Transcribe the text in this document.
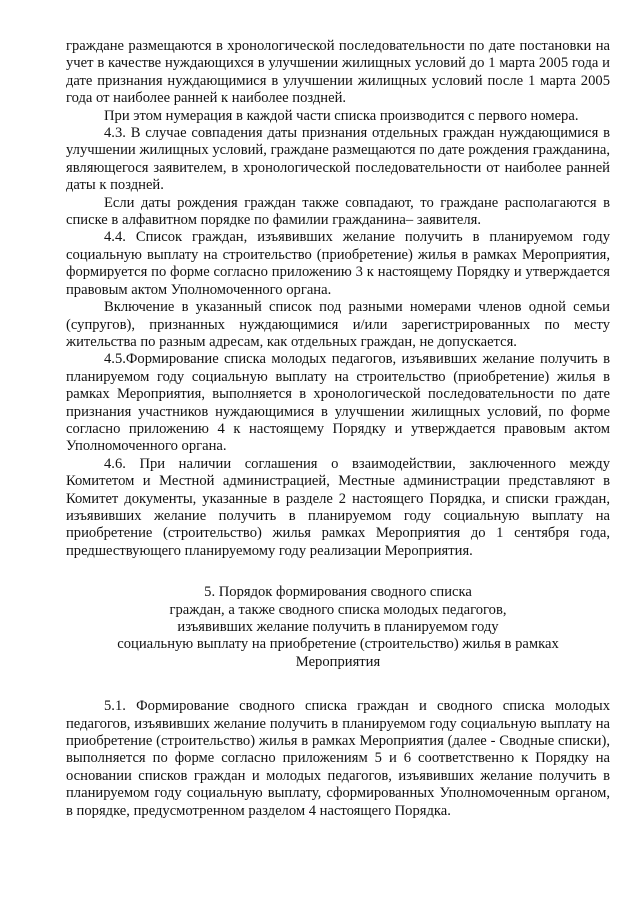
граждане размещаются в хронологической последовательности по дате постановки на учет в качестве нуждающихся в улучшении жилищных условий до 1 марта 2005 года и дате признания нуждающимися в улучшении жилищных условий после 1 марта 2005 года от наиболее ранней к наиболее поздней.

При этом нумерация в каждой части списка производится с первого номера.

4.3. В случае совпадения даты признания отдельных граждан нуждающимися в улучшении жилищных условий, граждане размещаются по дате рождения гражданина, являющегося заявителем, в хронологической последовательности от наиболее ранней даты к поздней.

Если даты рождения граждан также совпадают, то граждане располагаются в списке в алфавитном порядке по фамилии гражданина– заявителя.

4.4. Список граждан, изъявивших желание получить в планируемом году социальную выплату на строительство (приобретение) жилья в рамках Мероприятия, формируется по форме согласно приложению 3 к настоящему Порядку и утверждается правовым актом Уполномоченного органа.

Включение в указанный список под разными номерами членов одной семьи (супругов), признанных нуждающимися и/или зарегистрированных по месту жительства по разным адресам, как отдельных граждан, не допускается.

4.5.Формирование списка молодых педагогов, изъявивших желание получить в планируемом году социальную выплату на строительство (приобретение) жилья в рамках Мероприятия, выполняется в хронологической последовательности по дате признания участников нуждающимися в улучшении жилищных условий, по форме согласно приложению 4 к настоящему Порядку и утверждается правовым актом Уполномоченного органа.

4.6. При наличии соглашения о взаимодействии, заключенного между Комитетом и Местной администрацией, Местные администрации представляют в Комитет документы, указанные в разделе 2 настоящего Порядка, и списки граждан, изъявивших желание получить в планируемом году социальную выплату на приобретение (строительство) жилья рамках Мероприятия до 1 сентября года, предшествующего планируемому году реализации Мероприятия.

5. Порядок формирования сводного списка
граждан, а также сводного списка молодых педагогов,
изъявивших желание получить в планируемом году
социальную выплату на приобретение (строительство) жилья в рамках
Мероприятия

5.1. Формирование сводного списка граждан и сводного списка молодых педагогов, изъявивших желание получить в планируемом году социальную выплату на приобретение (строительство) жилья в рамках Мероприятия (далее - Сводные списки), выполняется по форме согласно приложениям 5 и 6 соответственно к Порядку на основании списков граждан и молодых педагогов, изъявивших желание получить в планируемом году социальную выплату, сформированных Уполномоченным органом, в порядке, предусмотренном разделом 4 настоящего Порядка.
